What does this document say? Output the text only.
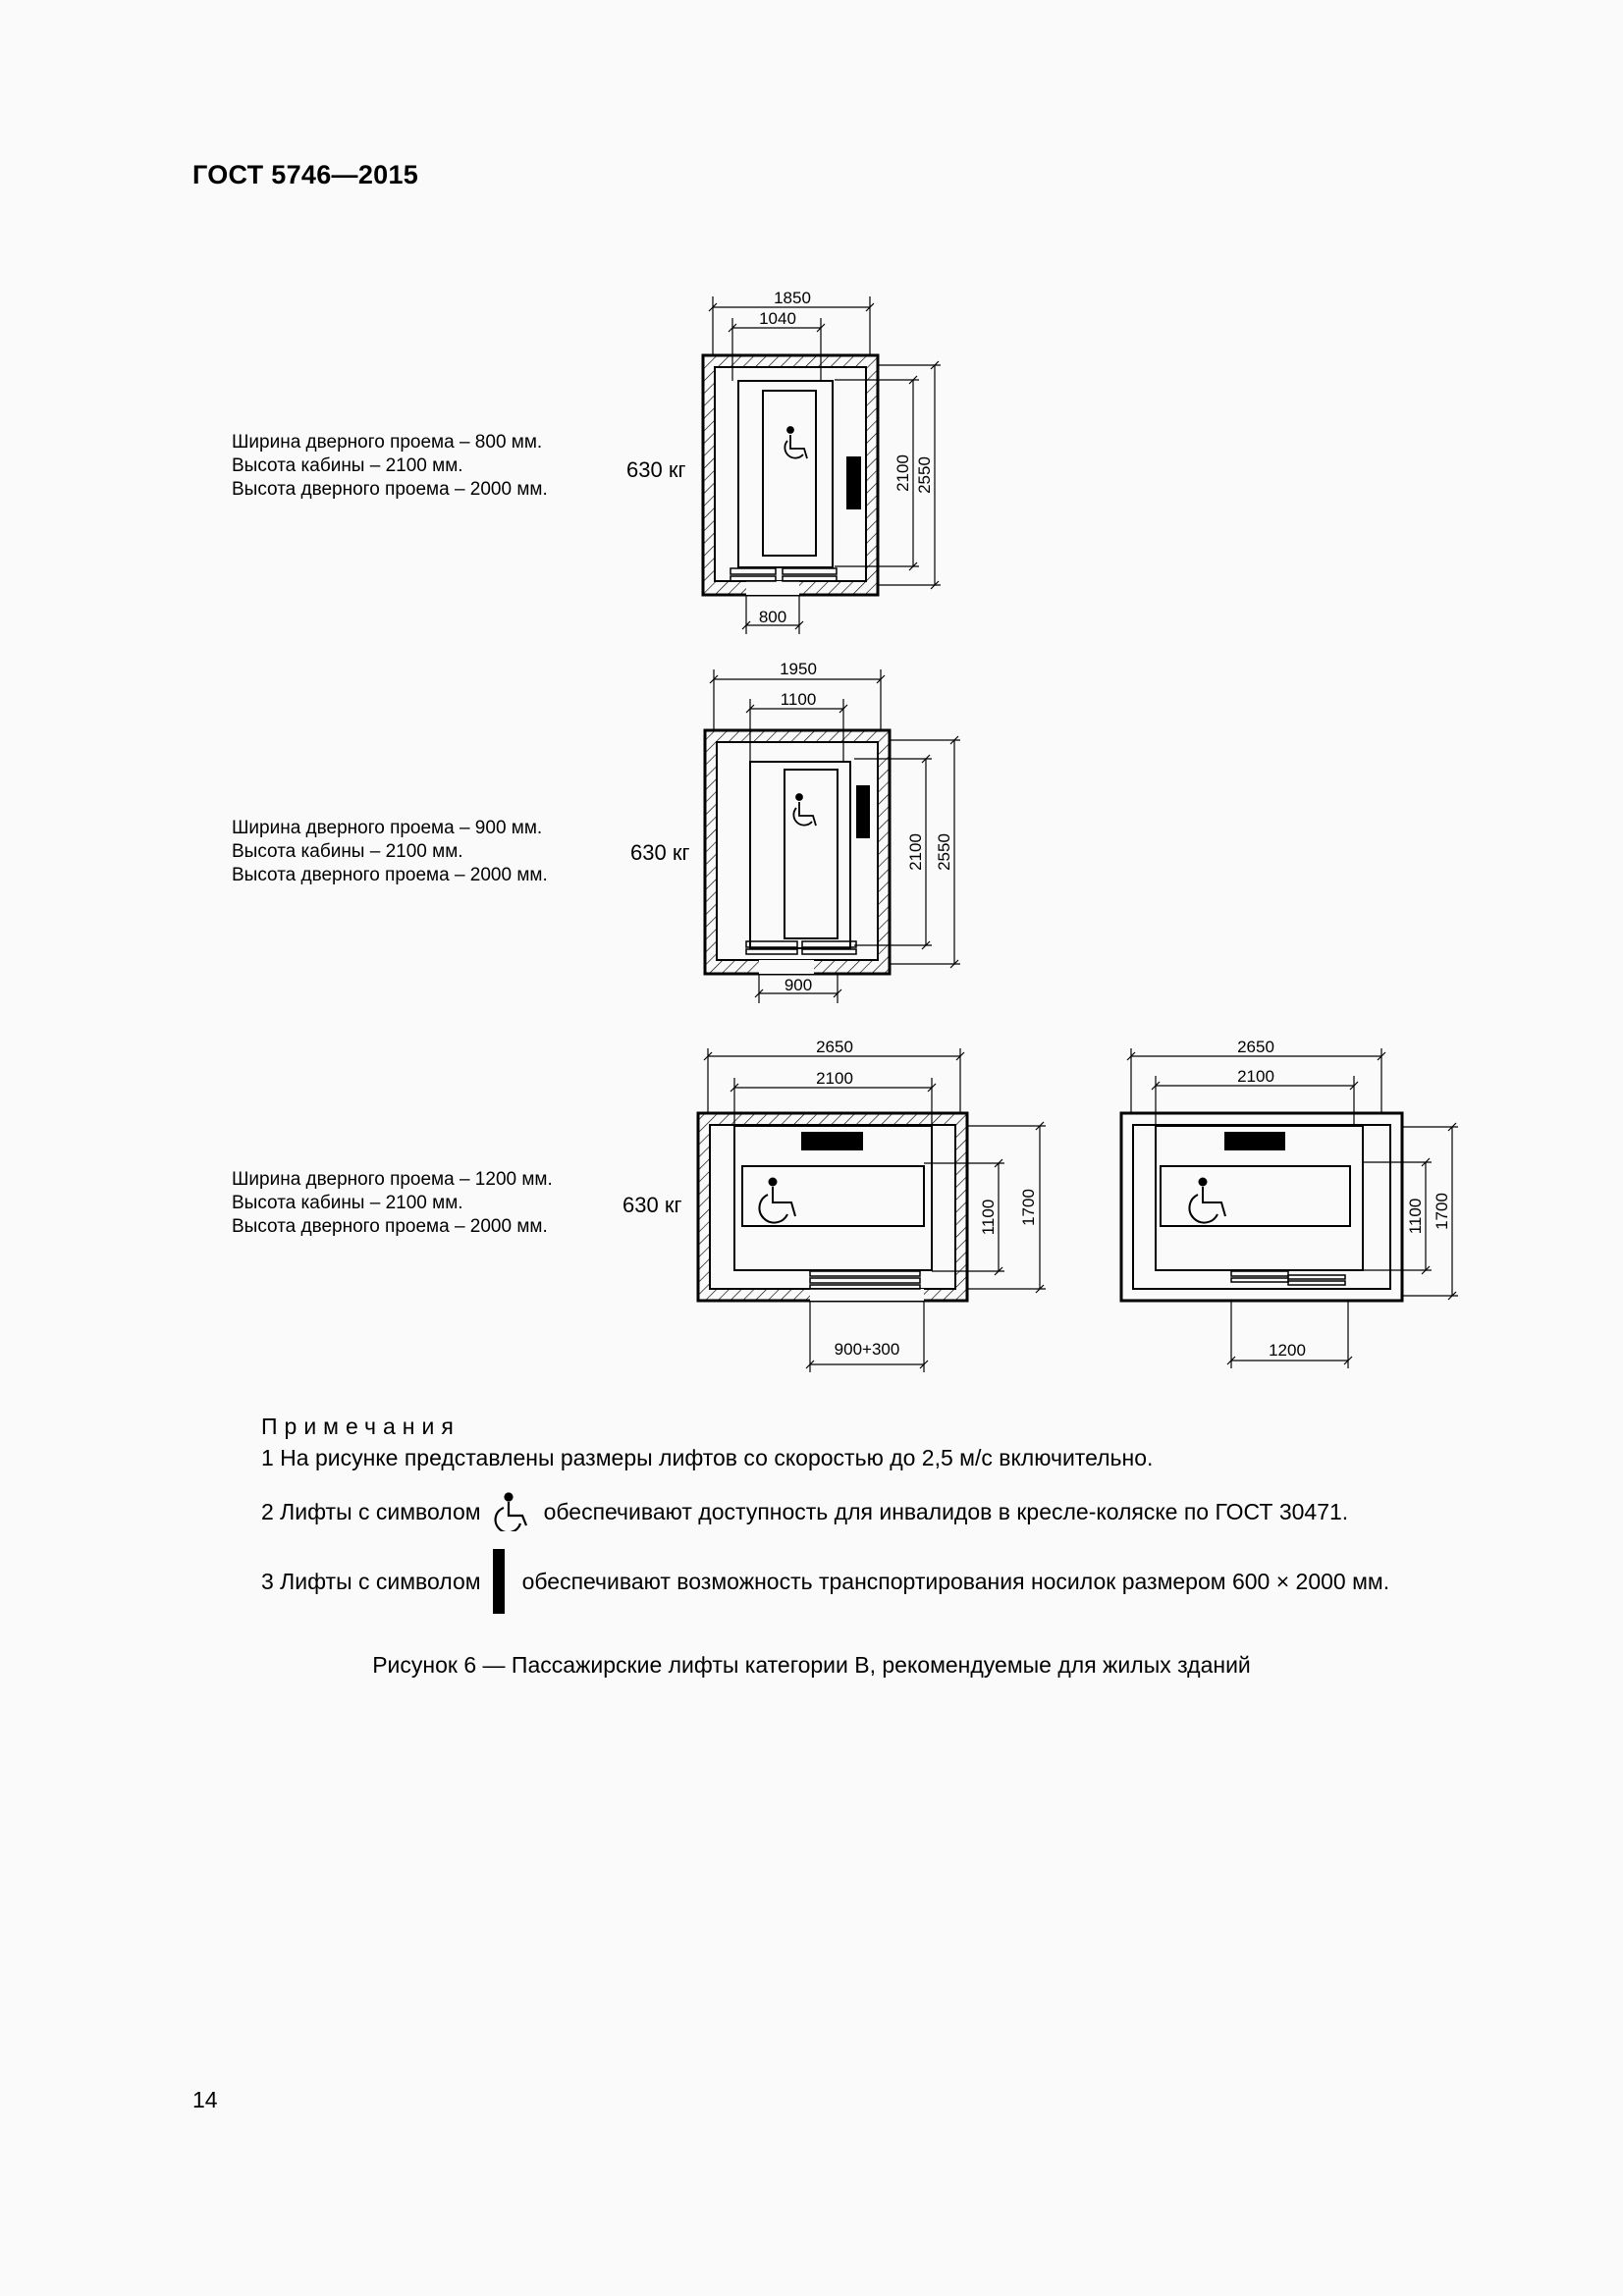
ГОСТ 5746—2015
Ширина дверного проема – 800 мм.
Высота кабины – 2100 мм.
Высота дверного проема – 2000 мм.
630 кг
1850
1040
2100 2550
800
Ширина дверного проема – 900 мм.
Высота кабины – 2100 мм.
Высота дверного проема – 2000 мм.
630 кг
1950
1100
2100 2550
900
Ширина дверного проема – 1200 мм.
Высота кабины – 2100 мм.
Высота дверного проема – 2000 мм.
630 кг
2650
2100
1100 1700
900+300
2650
2100
1100 1700
1200
Примечания
1 На рисунке представлены размеры лифтов со скоростью до 2,5 м/с включительно.
2 Лифты с символом	обеспечивают доступность для инвалидов в кресле-коляске по ГОСТ 30471.
3 Лифты с символом обеспечивают возможность транспортирования носилок размером 600 × 2000 мм.
Рисунок 6 — Пассажирские лифты категории В, рекомендуемые для жилых зданий
14
